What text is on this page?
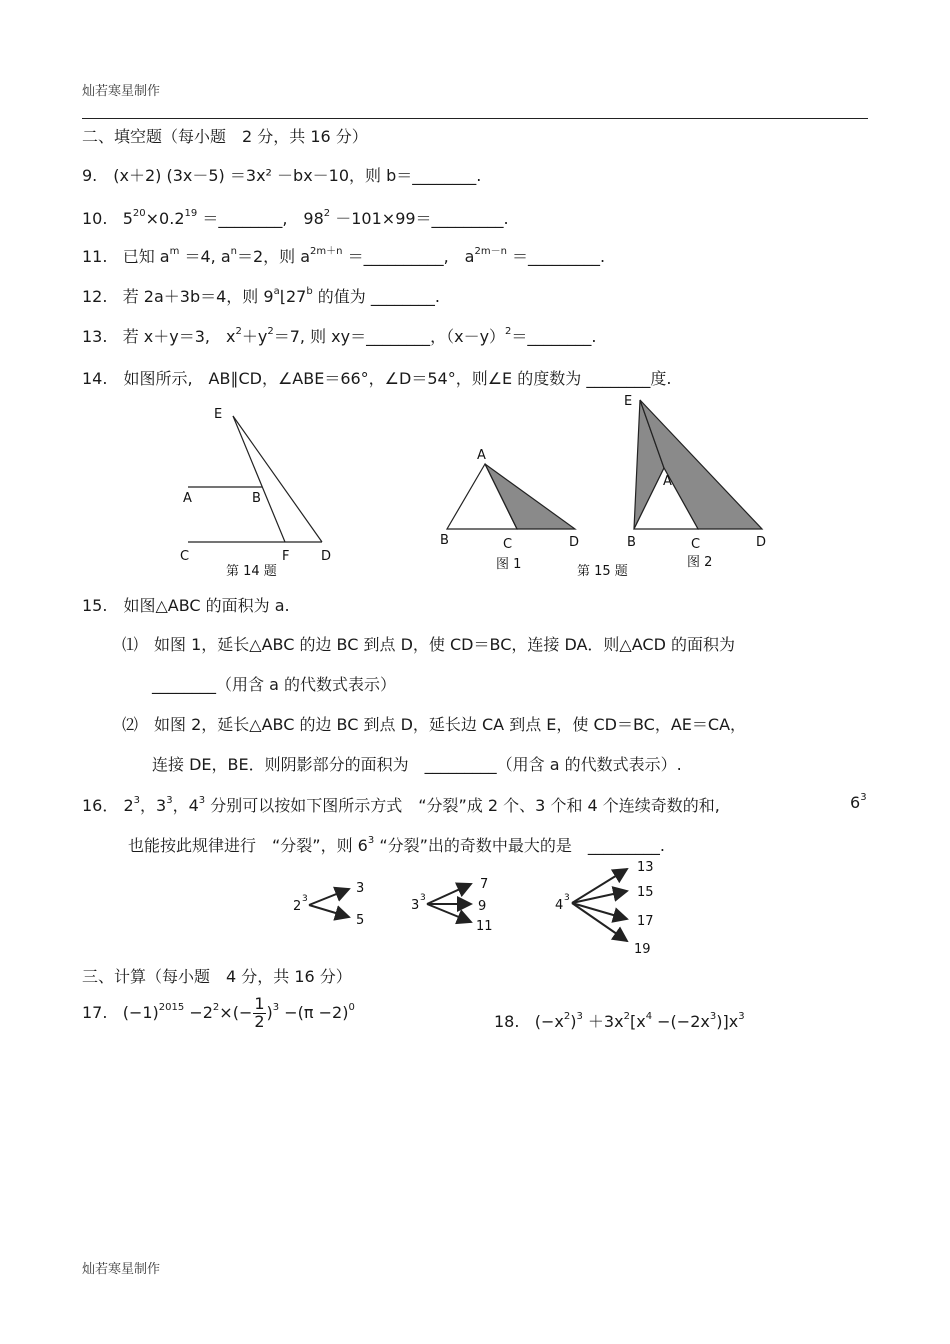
灿若寒星制作
二、填空题（每小题　2 分，共 16 分）
9.　(x＋2) (3x－5) ＝3x² －bx－10，则 b＝________.
10. $5^{20}\times 0.2^{19}$ ＝________,　$98^2$ －101×99＝_________.
11. 已知 $a^m =4$, $a^n=2$，则 $a^{2m+n}$ ＝__________,　$a^{2m-n}$ ＝_________.
12. 若 2a＋3b＝4，则 9$^a$⌊27$^b$ 的值为 ________.
13. 若 x＋y＝3,　$x^2+y^2=7$, 则 xy＝________，$(x-y)^2=\_\_\_\_\_\_\_\_$.
14.　如图所示,　AB∥CD，∠ABE＝66°，∠D＝54°，则∠E 的度数为 ________度.
E
A	B
C	F D
第 14 题
A
B	C	D
图 1
E
A
B	C	D
图 2
第 15 题
15.　如图△ABC 的面积为 a.
⑴　如图 1，延长△ABC 的边 BC 到点 D，使 CD＝BC，连接 DA．则△ACD 的面积为
________（用含 a 的代数式表示）
⑵　如图 2，延长△ABC 的边 BC 到点 D，延长边 CA 到点 E，使 CD＝BC，AE＝CA，
连接 DE，BE．则阴影部分的面积为　_________（用含 a 的代数式表示）.
16． $2^3$，$3^3$，$4^3$ 分别可以按如下图所示方式　“分裂”成 2 个、3 个和 4 个连续奇数的和,	$6^3$
也能按此规律进行　“分裂”，则 $6^3$ “分裂”出的奇数中最大的是　_________.
2 3
3
5
3 3
7
9
11
4 3
13
15
17
19
三、计算（每小题　4 分，共 16 分）
17. $(-1)^{2015} -2^2\times(- \frac{1}{2} )^3 -(\pi -2)^0$
18. $(-x^2)^3 +3x^2[x^4 -(-2x^3)]x^3$
灿若寒星制作
